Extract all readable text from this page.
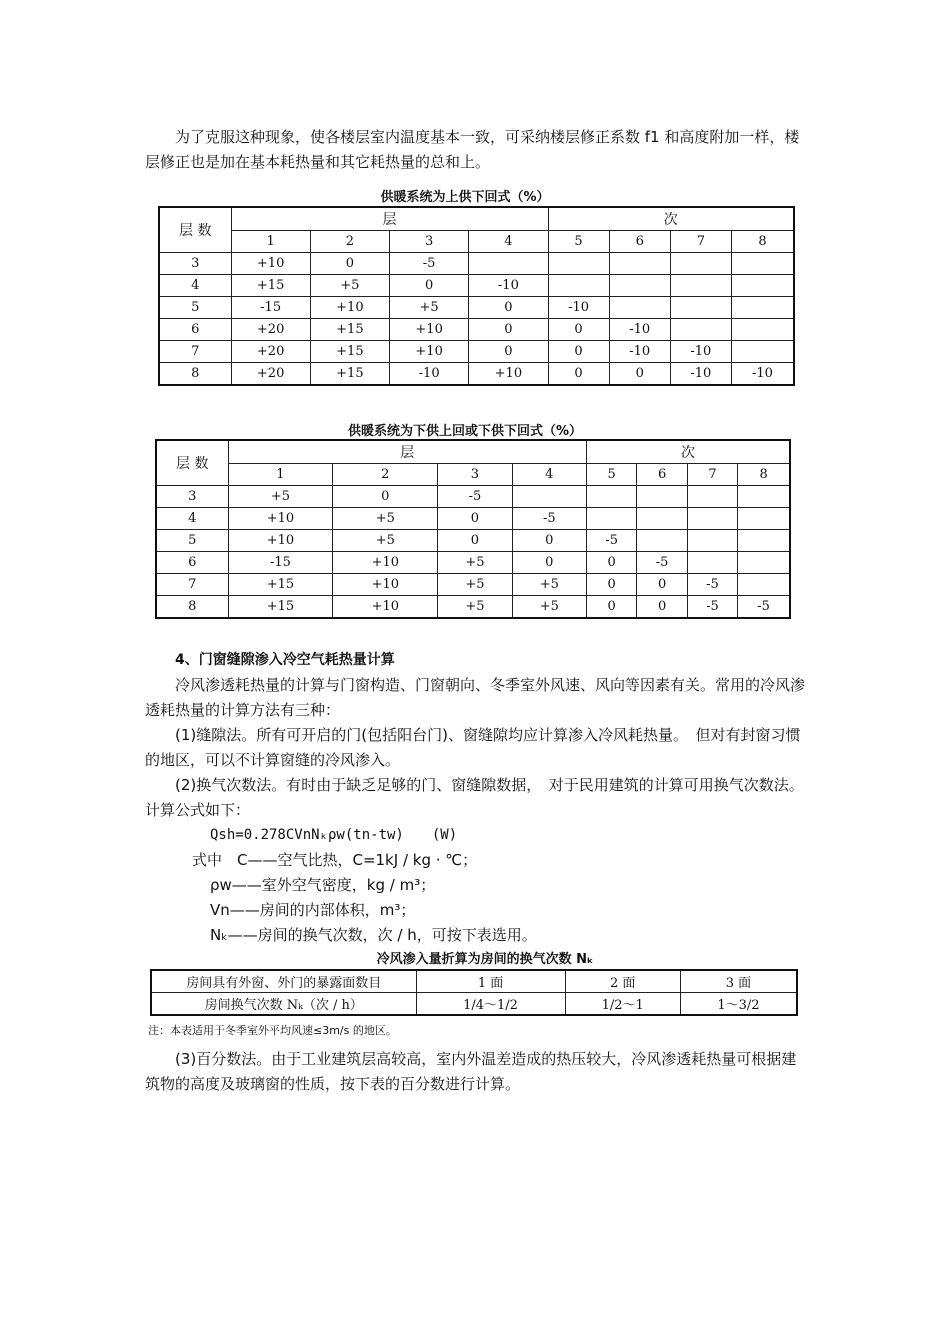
为了克服这种现象，使各楼层室内温度基本一致，可采纳楼层修正系数 f1 和高度附加一样，楼层修正也是加在基本耗热量和其它耗热量的总和上。
供暖系统为上供下回式（%）
层 数	层				次			
	1	2	3	4	5	6	7	8
3	+10	0	-5					
4	+15	+5	0	-10				
5	-15	+10	+5	0	-10			
6	+20	+15	+10	0	0	-10		
7	+20	+15	+10	0	0	-10	-10	
8	+20	+15	-10	+10	0	0	-10	-10
供暖系统为下供上回或下供下回式（%）
层 数	层				次			
	1	2	3	4	5	6	7	8
3	+5	0	-5					
4	+10	+5	0	-5				
5	+10	+5	0	0	-5			
6	-15	+10	+5	0	0	-5		
7	+15	+10	+5	+5	0	0	-5	
8	+15	+10	+5	+5	0	0	-5	-5
4、门窗缝隙渗入冷空气耗热量计算
冷风渗透耗热量的计算与门窗构造、门窗朝向、冬季室外风速、风向等因素有关。常用的冷风渗透耗热量的计算方法有三种：
(1)缝隙法。所有可开启的门(包括阳台门)、窗缝隙均应计算渗入冷风耗热量。　但对有封窗习惯的地区，可以不计算窗缝的冷风渗入。
(2)换气次数法。有时由于缺乏足够的门、窗缝隙数据，　对于民用建筑的计算可用换气次数法。计算公式如下：
Qsh=0.278CVnNₖρw(tn-tw)　　(W)
式中　C——空气比热，C=1kJ / kg · ℃；
ρw——室外空气密度，kg / m³；
Vn——房间的内部体积，m³；
Nₖ——房间的换气次数，次 / h，可按下表选用。
冷风渗入量折算为房间的换气次数 Nₖ
房间具有外窗、外门的暴露面数目	1 面	2 面	3 面
房间换气次数 Nₖ（次 / h）	1/4～1/2	1/2～1	1～3/2
注：本表适用于冬季室外平均风速≤3m/s 的地区。
(3)百分数法。由于工业建筑层高较高，室内外温差造成的热压较大，冷风渗透耗热量可根据建筑物的高度及玻璃窗的性质，按下表的百分数进行计算。
